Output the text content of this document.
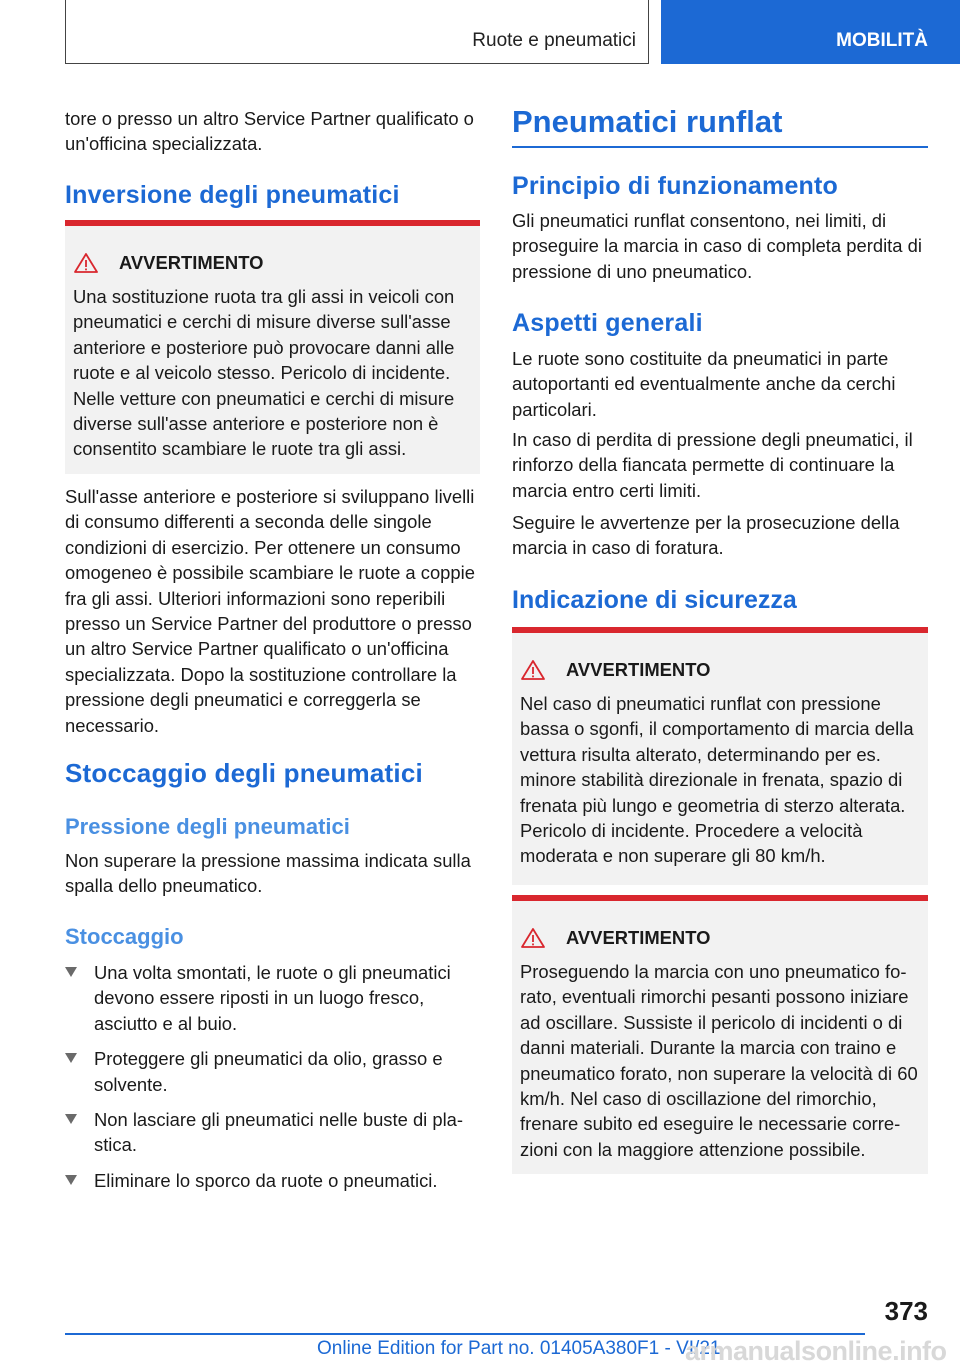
Ruote e pneumatici	MOBILITÀ

tore o presso un altro Service Partner qualificato o un'officina specializzata.

Inversione degli pneumatici
AVVERTIMENTO

Una sostituzione ruota tra gli assi in veicoli con pneumatici e cerchi di misure diverse sull'asse anteriore e posteriore può provocare danni alle ruote e al veicolo stesso. Pericolo di incidente. Nelle vetture con pneumatici e cerchi di misure diverse sull'asse anteriore e posteriore non è consentito scambiare le ruote tra gli assi.

Sull'asse anteriore e posteriore si sviluppano livelli di consumo differenti a seconda delle singole condizioni di esercizio. Per ottenere un consumo omogeneo è possibile scambiare le ruote a coppie fra gli assi. Ulteriori informazioni sono reperibili presso un Service Partner del produttore o presso un altro Service Partner qualificato o un'officina specializzata. Dopo la sostituzione controllare la pressione degli pneumatici e correggerla se necessario.

Stoccaggio degli pneumatici
Pressione degli pneumatici

Non superare la pressione massima indicata sulla spalla dello pneumatico.

Stoccaggio
Una volta smontati, le ruote o gli pneumatici devono essere riposti in un luogo fresco, asciutto e al buio.
Proteggere gli pneumatici da olio, grasso e solvente.
Non lasciare gli pneumatici nelle buste di plastica.
Eliminare lo sporco da ruote o pneumatici.
Pneumatici runflat
Principio di funzionamento

Gli pneumatici runflat consentono, nei limiti, di proseguire la marcia in caso di completa perdita di pressione di uno pneumatico.

Aspetti generali

Le ruote sono costituite da pneumatici in parte autoportanti ed eventualmente anche da cerchi particolari.

In caso di perdita di pressione degli pneumatici, il rinforzo della fiancata permette di continuare la marcia entro certi limiti.

Seguire le avvertenze per la prosecuzione della marcia in caso di foratura.

Indicazione di sicurezza
AVVERTIMENTO

Nel caso di pneumatici runflat con pressione bassa o sgonfi, il comportamento di marcia della vettura risulta alterato, determinando per es. minore stabilità direzionale in frenata, spazio di frenata più lungo e geometria di sterzo alterata. Pericolo di incidente. Procedere a velocità moderata e non superare gli 80 km/h.

AVVERTIMENTO

Proseguendo la marcia con uno pneumatico forato, eventuali rimorchi pesanti possono iniziare ad oscillare. Sussiste il pericolo di incidenti o di danni materiali. Durante la marcia con traino e pneumatico forato, non superare la velocità di 60 km/h. Nel caso di oscillazione del rimorchio, frenare subito ed eseguire le necessarie correzioni con la maggiore attenzione possibile.

373
Online Edition for Part no. 01405A380F1 - VI/21
armanualsonline.info
